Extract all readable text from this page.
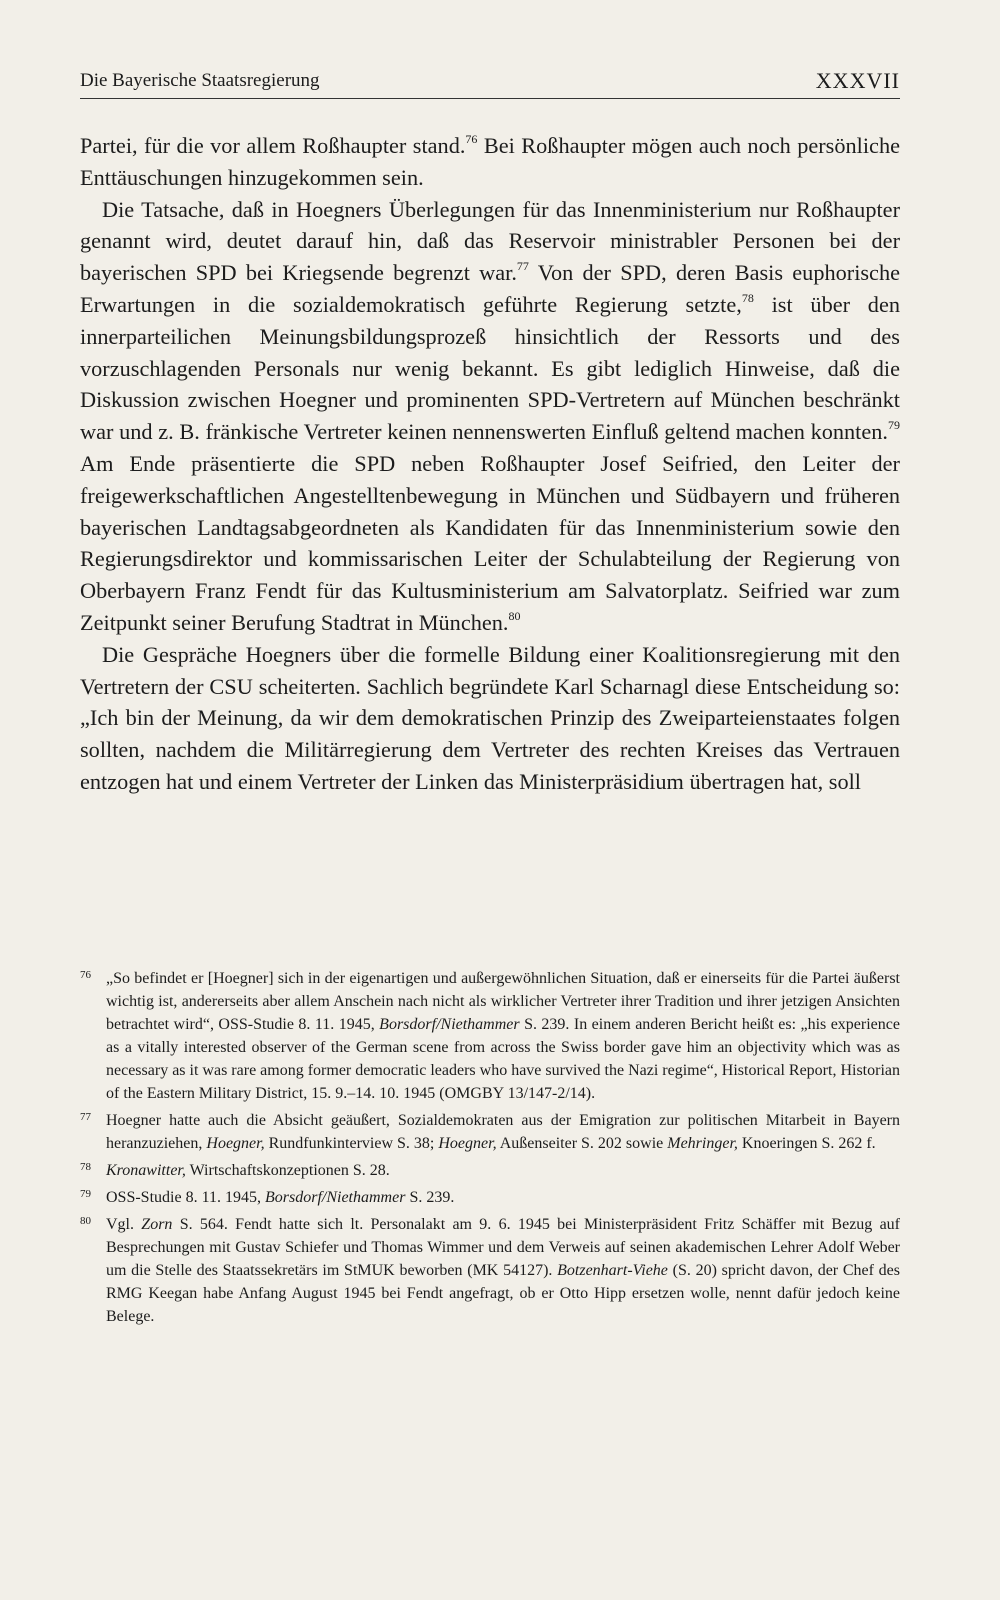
Die Bayerische Staatsregierung	XXXVII

Partei, für die vor allem Roßhaupter stand.$^{76}$ Bei Roßhaupter mögen auch noch persönliche Enttäuschungen hinzugekommen sein.

Die Tatsache, daß in Hoegners Überlegungen für das Innenministerium nur Roßhaupter genannt wird, deutet darauf hin, daß das Reservoir ministrabler Personen bei der bayerischen SPD bei Kriegsende begrenzt war.$^{77}$ Von der SPD, deren Basis euphorische Erwartungen in die sozialdemokratisch geführte Regierung setzte,$^{78}$ ist über den innerparteilichen Meinungsbildungsprozeß hinsichtlich der Ressorts und des vorzuschlagenden Personals nur wenig bekannt. Es gibt lediglich Hinweise, daß die Diskussion zwischen Hoegner und prominenten SPD-Vertretern auf München beschränkt war und z. B. fränkische Vertreter keinen nennenswerten Einfluß geltend machen konnten.$^{79}$ Am Ende präsentierte die SPD neben Roßhaupter Josef Seifried, den Leiter der freigewerkschaftlichen Angestelltenbewegung in München und Südbayern und früheren bayerischen Landtagsabgeordneten als Kandidaten für das Innenministerium sowie den Regierungsdirektor und kommissarischen Leiter der Schulabteilung der Regierung von Oberbayern Franz Fendt für das Kultusministerium am Salvatorplatz. Seifried war zum Zeitpunkt seiner Berufung Stadtrat in München.$^{80}$

Die Gespräche Hoegners über die formelle Bildung einer Koalitionsregierung mit den Vertretern der CSU scheiterten. Sachlich begründete Karl Scharnagl diese Entscheidung so: „Ich bin der Meinung, da wir dem demokratischen Prinzip des Zweiparteienstaates folgen sollten, nachdem die Militärregierung dem Vertreter des rechten Kreises das Vertrauen entzogen hat und einem Vertreter der Linken das Ministerpräsidium übertragen hat, soll

76 „So befindet er [Hoegner] sich in der eigenartigen und außergewöhnlichen Situation, daß er einerseits für die Partei äußerst wichtig ist, andererseits aber allem Anschein nach nicht als wirklicher Vertreter ihrer Tradition und ihrer jetzigen Ansichten betrachtet wird“, OSS-Studie 8. 11. 1945, Borsdorf/Niethammer S. 239. In einem anderen Bericht heißt es: „his experience as a vitally interested observer of the German scene from across the Swiss border gave him an objectivity which was as necessary as it was rare among former democratic leaders who have survived the Nazi regime“, Historical Report, Historian of the Eastern Military District, 15. 9.–14. 10. 1945 (OMGBY 13/147-2/14).
77 Hoegner hatte auch die Absicht geäußert, Sozialdemokraten aus der Emigration zur politischen Mitarbeit in Bayern heranzuziehen, Hoegner, Rundfunkinterview S. 38; Hoegner, Außenseiter S. 202 sowie Mehringer, Knoeringen S. 262 f.
78 Kronawitter, Wirtschaftskonzeptionen S. 28.
79 OSS-Studie 8. 11. 1945, Borsdorf/Niethammer S. 239.
80 Vgl. Zorn S. 564. Fendt hatte sich lt. Personalakt am 9. 6. 1945 bei Ministerpräsident Fritz Schäffer mit Bezug auf Besprechungen mit Gustav Schiefer und Thomas Wimmer und dem Verweis auf seinen akademischen Lehrer Adolf Weber um die Stelle des Staatssekretärs im StMUK beworben (MK 54127). Botzenhart-Viehe (S. 20) spricht davon, der Chef des RMG Keegan habe Anfang August 1945 bei Fendt angefragt, ob er Otto Hipp ersetzen wolle, nennt dafür jedoch keine Belege.
